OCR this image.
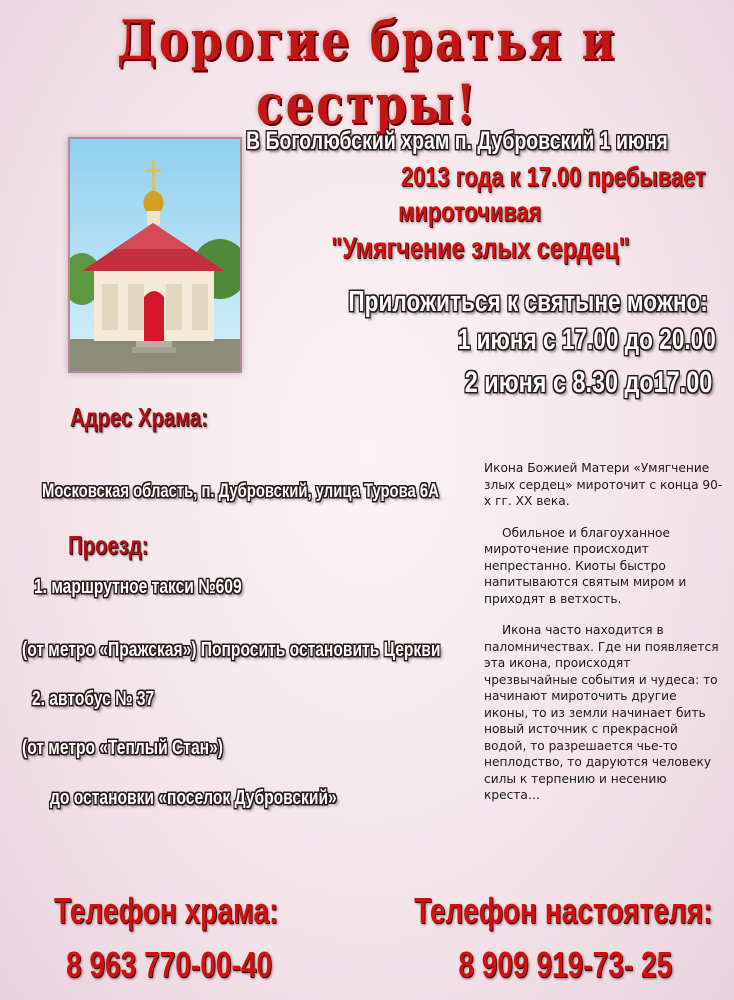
Дорогие братья и сестры!
В Боголюбский храм п. Дубровский 1 июня
2013 года к 17.00 пребывает
мироточивая
"Умягчение злых сердец"
Приложиться к святыне можно:
1 июня с 17.00 до 20.00
2 июня с 8.30 до17.00
Адрес Храма:
Московская область, п. Дубровский, улица Турова 6А
Проезд:
1. маршрутное такси №609
(от метро «Пражская») Попросить остановить Церкви
2. автобус № 37
(от метро «Теплый Стан»)
до остановки «поселок Дубровский»

Икона Божией Матери «Умягчение злых сердец» мироточит с конца 90-х гг. ХХ века.

Обильное и благоуханное мироточение происходит непрестанно. Киоты быстро напитываются святым миром и приходят в ветхость.

Икона часто находится в паломничествах. Где ни появляется эта икона, происходят чрезвычайные события и чудеса: то начинают мироточить другие иконы, то из земли начинает бить новый источник с прекрасной водой, то разрешается чье-то неплодство, то даруются человеку силы к терпению и несению креста…

Телефон храма:
8 963 770-00-40
Телефон настоятеля:
8 909 919-73- 25
